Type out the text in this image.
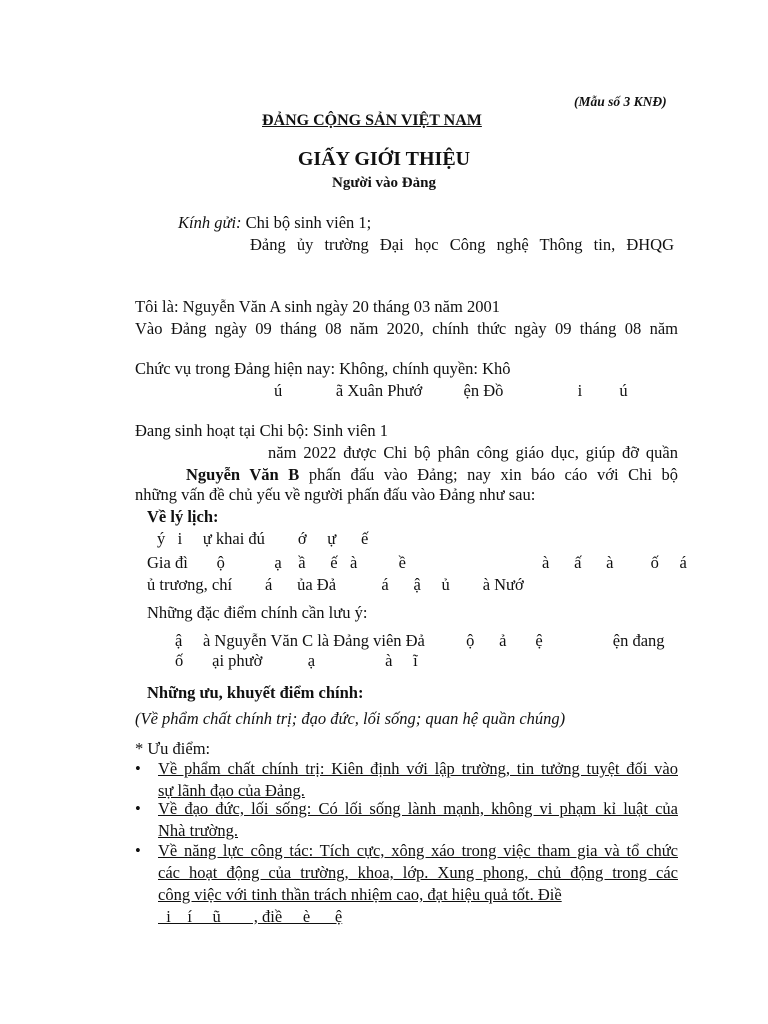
(Mẫu số 3 KNĐ)
ĐẢNG CỘNG SẢN VIỆT NAM
GIẤY GIỚI THIỆU
Người vào Đảng
Kính gửi: Chi bộ sinh viên 1;
Đảng ủy trường Đại học Công nghệ Thông tin, ĐHQG
Tôi là: Nguyễn Văn A sinh ngày 20 tháng 03 năm 2001
Vào Đảng ngày 09 tháng 08 năm 2020, chính thức ngày 09 tháng 08 năm
Chức vụ trong Đảng hiện nay: Không, chính quyền: Khô
ú             ã Xuân Phướ          ện Đồ                  i         ú
Đang sinh hoạt tại Chi bộ: Sinh viên 1
năm 2022 được Chi bộ phân công giáo dục, giúp đỡ quần
Nguyễn Văn B phấn đấu vào Đảng; nay xin báo cáo với Chi bộ
những vấn đề chủ yếu về người phấn đấu vào Đảng như sau:
Về lý lịch:
ý   i     ự khai đú        ớ     ự      ế
Gia đì       ộ            ạ    ầ      ế   à          ề                                 à      ấ      à         ố     á
ủ trương, chí        á      ủa Đả           á      ậ     ủ        à Nướ
Những đặc điểm chính cần lưu ý:
ậ     à Nguyễn Văn C là Đảng viên Đả          ộ      ả       ệ                 ện đang
ố       ại phườ           ạ                 à     ĩ
Những ưu, khuyết điểm chính:
(Về phẩm chất chính trị; đạo đức, lối sống; quan hệ quần chúng)
* Ưu điểm:
• Về phẩm chất chính trị: Kiên định với lập trường, tin tưởng tuyệt đối vào
sự lãnh đạo của Đảng.
• Về đạo đức, lối sống: Có lối sống lành mạnh, không vi phạm kỉ luật của
Nhà trường.
• Về năng lực công tác: Tích cực, xông xáo trong việc tham gia và tổ chức
các hoạt động của trường, khoa, lớp. Xung phong, chủ động trong các
công việc với tinh thần trách nhiệm cao, đạt hiệu quả tốt. Điề
i    í     ũ        , điề     è      ệ
